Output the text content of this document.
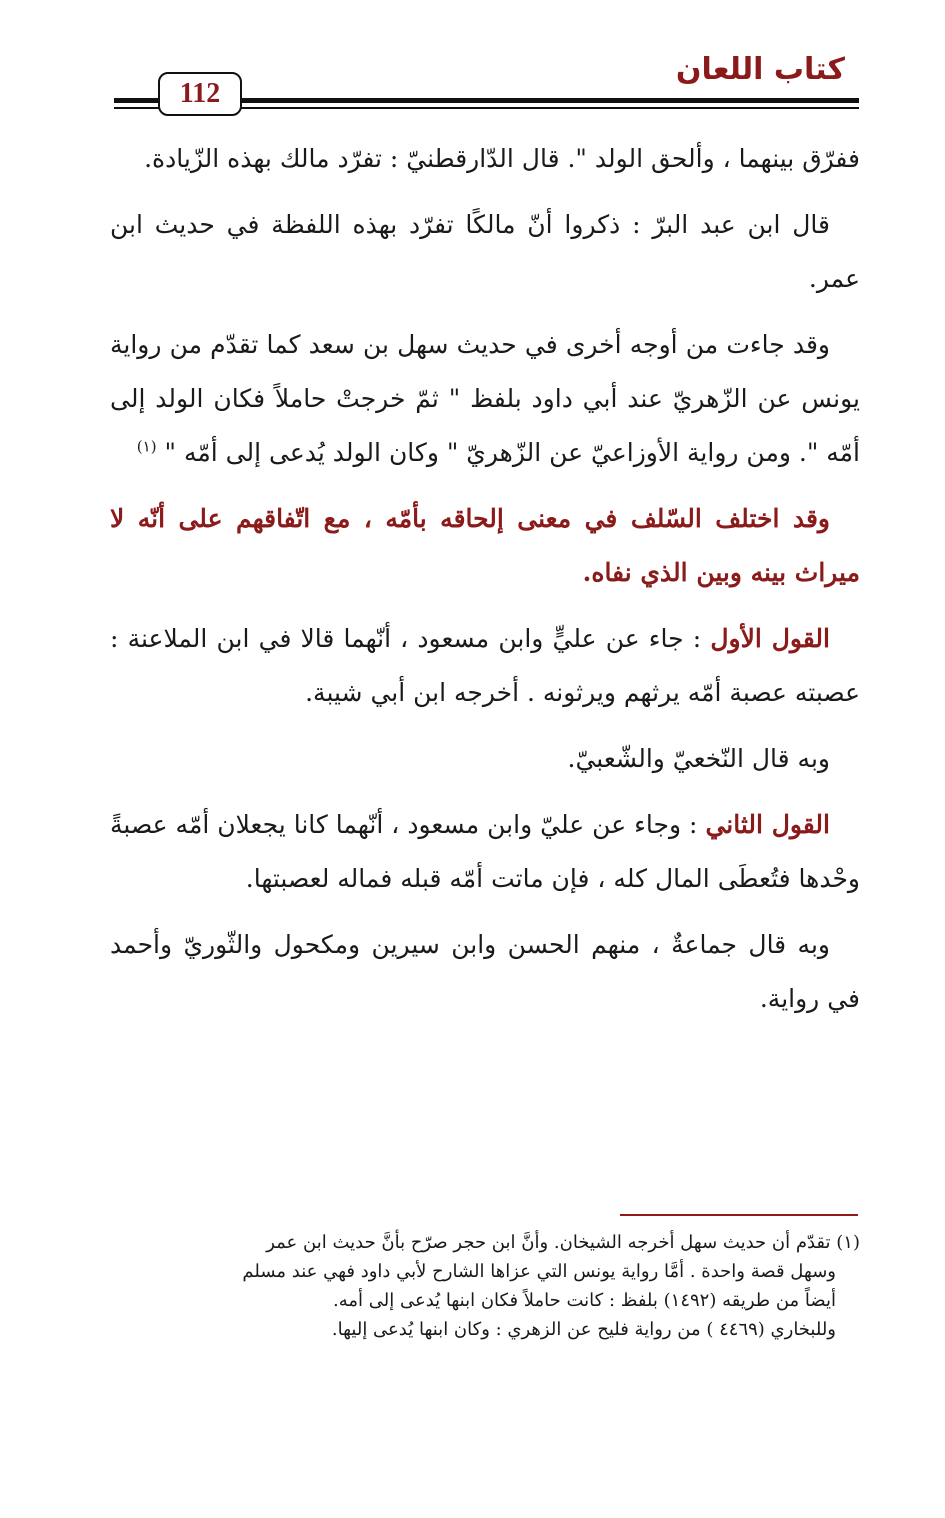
كتاب اللعان
112

ففرّق بينهما ، وألحق الولد ". قال الدّارقطنيّ : تفرّد مالك بهذه الزّيادة.

قال ابن عبد البرّ : ذكروا أنّ مالكًا تفرّد بهذه اللفظة في حديث ابن عمر.

وقد جاءت من أوجه أخرى في حديث سهل بن سعد كما تقدّم من رواية يونس عن الزّهريّ عند أبي داود بلفظ " ثمّ خرجتْ حاملاً فكان الولد إلى أمّه ". ومن رواية الأوزاعيّ عن الزّهريّ " وكان الولد يُدعى إلى أمّه " $^{(١)}$

وقد اختلف السّلف في معنى إلحاقه بأمّه ، مع اتّفاقهم على أنّه لا ميراث بينه وبين الذي نفاه.

القول الأول : جاء عن عليٍّ وابن مسعود ، أنّهما قالا في ابن الملاعنة : عصبته عصبة أمّه يرثهم ويرثونه . أخرجه ابن أبي شيبة.

وبه قال النّخعيّ والشّعبيّ.

القول الثاني : وجاء عن عليّ وابن مسعود ، أنّهما كانا يجعلان أمّه عصبةً وحْدها فتُعطَى المال كله ، فإن ماتت أمّه قبله فماله لعصبتها.

وبه قال جماعةٌ ، منهم الحسن وابن سيرين ومكحول والثّوريّ وأحمد في رواية.

(١) تقدّم أن حديث سهل أخرجه الشيخان. وأنَّ ابن حجر صرّح بأنَّ حديث ابن عمر

وسهل قصة واحدة . أمَّا رواية يونس التي عزاها الشارح لأبي داود فهي عند مسلم

أيضاً من طريقه (١٤٩٢) بلفظ : كانت حاملاً فكان ابنها يُدعى إلى أمه.

وللبخاري (٤٤٦٩ ) من رواية فليح عن الزهري : وكان ابنها يُدعى إليها.
